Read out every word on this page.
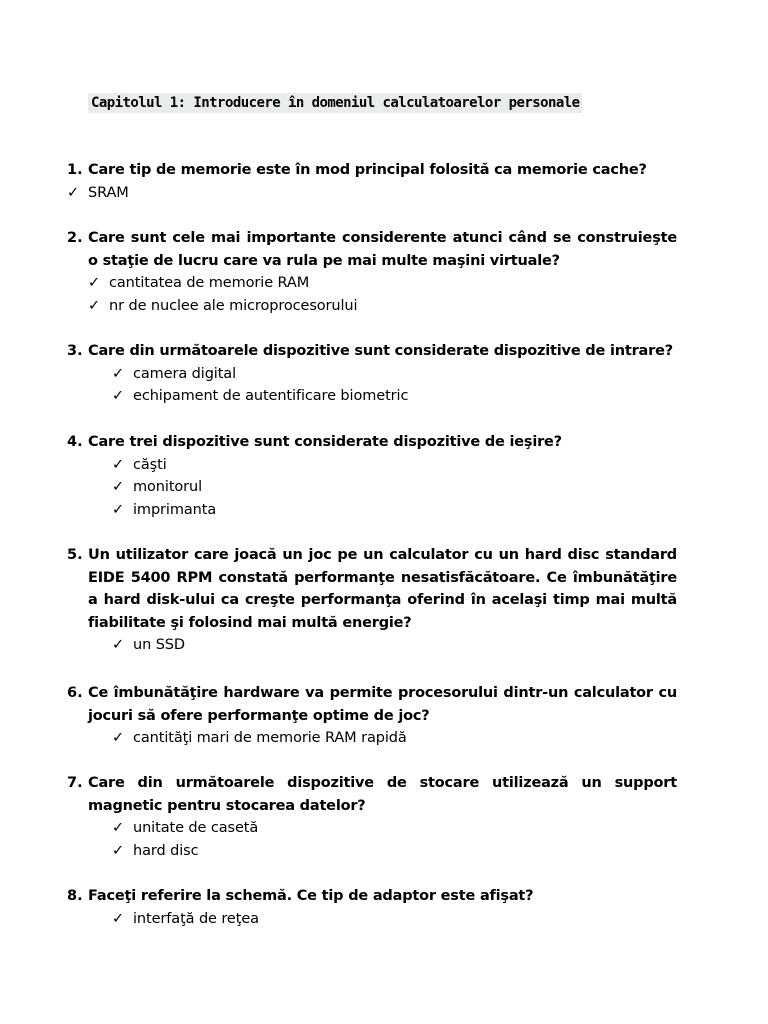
Capitolul 1: Introducere în domeniul calculatoarelor personale
1. Care tip de memorie este în mod principal folosită ca memorie cache?
✓ SRAM
2. Care sunt cele mai importante considerente atunci când se construieşte o staţie de lucru care va rula pe mai multe maşini virtuale?
✓ cantitatea de memorie RAM
✓ nr de nuclee ale microprocesorului
3. Care din următoarele dispozitive sunt considerate dispozitive de intrare?
✓ camera digital
✓ echipament de autentificare biometric
4. Care trei dispozitive sunt considerate dispozitive de ieşire?
✓ căşti
✓ monitorul
✓ imprimanta
5. Un utilizator care joacă un joc pe un calculator cu un hard disc standard EIDE 5400 RPM constată performanţe nesatisfăcătoare. Ce îmbunătăţire a hard disk-ului ca creşte performanţa oferind în acelaşi timp mai multă fiabilitate şi folosind mai multă energie?
✓ un SSD
6. Ce îmbunătăţire hardware va permite procesorului dintr-un calculator cu jocuri să ofere performanţe optime de joc?
✓ cantităţi mari de memorie RAM rapidă
7. Care din următoarele dispozitive de stocare utilizează un support magnetic pentru stocarea datelor?
✓ unitate de casetă
✓ hard disc
8. Faceţi referire la schemă. Ce tip de adaptor este afişat?
✓ interfaţă de reţea
